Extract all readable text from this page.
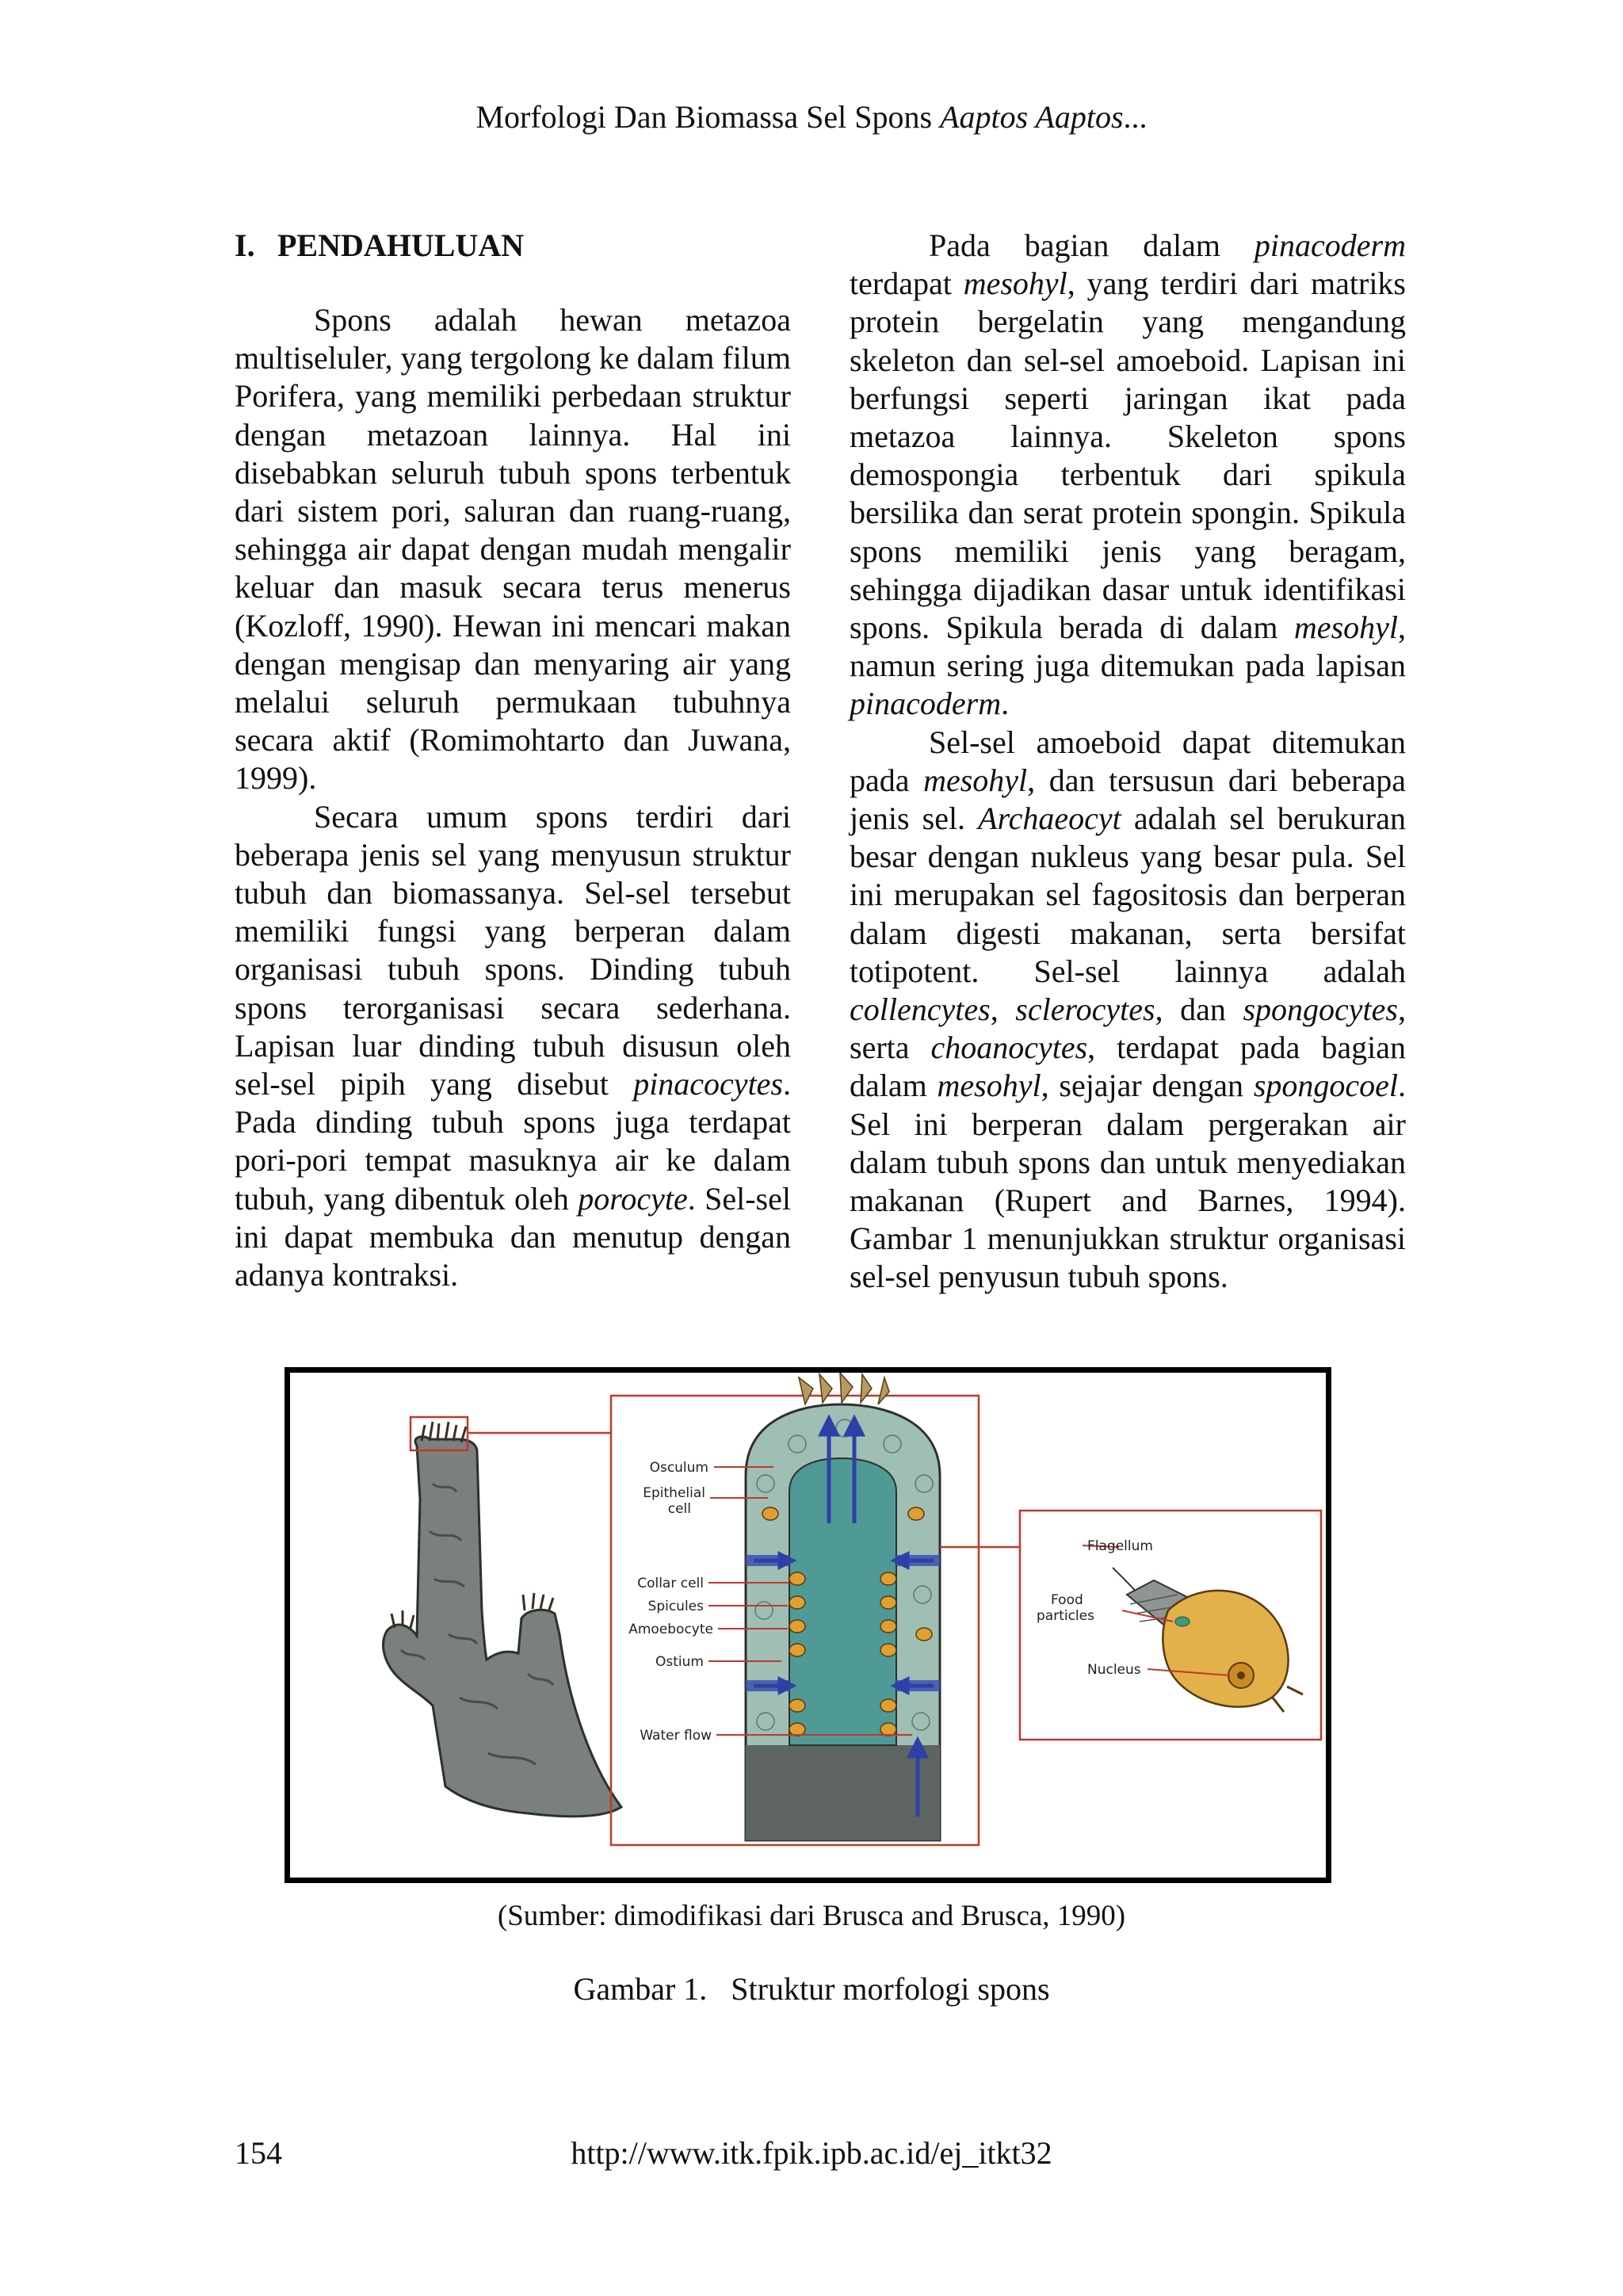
Morfologi Dan Biomassa Sel Spons Aaptos Aaptos...
I. PENDAHULUAN

Spons adalah hewan metazoa multiseluler, yang tergolong ke dalam filum Porifera, yang memiliki perbedaan struktur dengan metazoan lainnya. Hal ini disebabkan seluruh tubuh spons terbentuk dari sistem pori, saluran dan ruang-ruang, sehingga air dapat dengan mudah mengalir keluar dan masuk secara terus menerus (Kozloff, 1990). Hewan ini mencari makan dengan mengisap dan menyaring air yang melalui seluruh permukaan tubuhnya secara aktif (Romimohtarto dan Juwana, 1999).

Secara umum spons terdiri dari beberapa jenis sel yang menyusun struktur tubuh dan biomassanya. Sel-sel tersebut memiliki fungsi yang berperan dalam organisasi tubuh spons. Dinding tubuh spons terorganisasi secara sederhana. Lapisan luar dinding tubuh disusun oleh sel-sel pipih yang disebut pinacocytes. Pada dinding tubuh spons juga terdapat pori-pori tempat masuknya air ke dalam tubuh, yang dibentuk oleh porocyte. Sel-sel ini dapat membuka dan menutup dengan adanya kontraksi.

Pada bagian dalam pinacoderm terdapat mesohyl, yang terdiri dari matriks protein bergelatin yang mengandung skeleton dan sel-sel amoeboid. Lapisan ini berfungsi seperti jaringan ikat pada metazoa lainnya. Skeleton spons demospongia terbentuk dari spikula bersilika dan serat protein spongin. Spikula spons memiliki jenis yang beragam, sehingga dijadikan dasar untuk identifikasi spons. Spikula berada di dalam mesohyl, namun sering juga ditemukan pada lapisan pinacoderm.

Sel-sel amoeboid dapat ditemukan pada mesohyl, dan tersusun dari beberapa jenis sel. Archaeocyt adalah sel berukuran besar dengan nukleus yang besar pula. Sel ini merupakan sel fagositosis dan berperan dalam digesti makanan, serta bersifat totipotent. Sel-sel lainnya adalah collencytes, sclerocytes, dan spongocytes, serta choanocytes, terdapat pada bagian dalam mesohyl, sejajar dengan spongocoel. Sel ini berperan dalam pergerakan air dalam tubuh spons dan untuk menyediakan makanan (Rupert and Barnes, 1994). Gambar 1 menunjukkan struktur organisasi sel-sel penyusun tubuh spons.

Osculum
Epithelial
cell
Collar cell
Spicules
Amoebocyte
Ostium
Water flow
Flagellum
Food
particles
Nucleus
(Sumber: dimodifikasi dari Brusca and Brusca, 1990)
Gambar 1. Struktur morfologi spons
154	http://www.itk.fpik.ipb.ac.id/ej_itkt32
